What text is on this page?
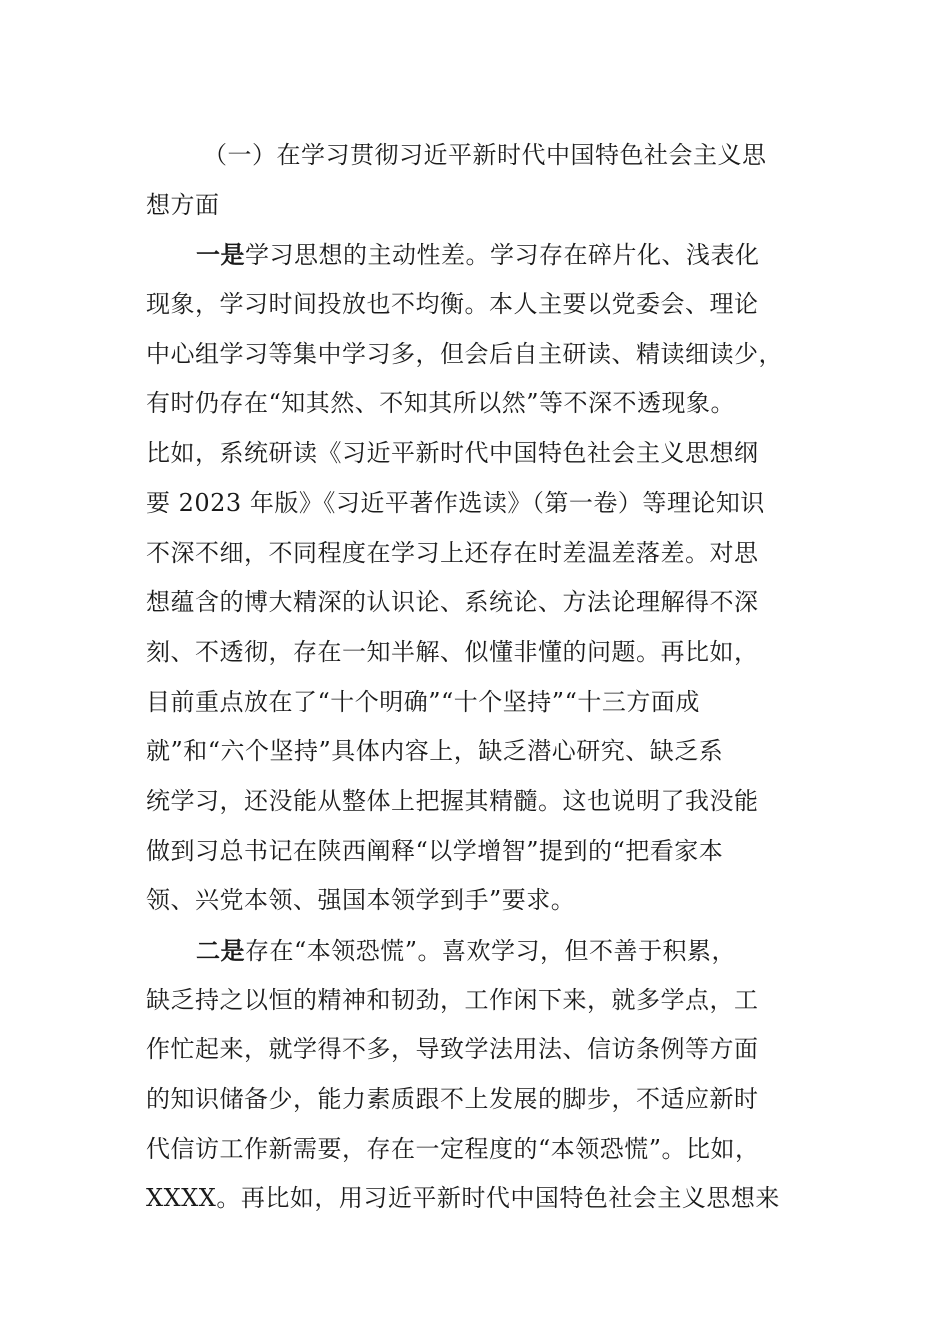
（一）在学习贯彻习近平新时代中国特色社会主义思
想方面
一是学习思想的主动性差。学习存在碎片化、浅表化
现象，学习时间投放也不均衡。本人主要以党委会、理论
中心组学习等集中学习多，但会后自主研读、精读细读少，
有时仍存在“知其然、不知其所以然”等不深不透现象。
比如，系统研读《习近平新时代中国特色社会主义思想纲
要 2023 年版》《习近平著作选读》（第一卷）等理论知识
不深不细，不同程度在学习上还存在时差温差落差。对思
想蕴含的博大精深的认识论、系统论、方法论理解得不深
刻、不透彻，存在一知半解、似懂非懂的问题。再比如，
目前重点放在了“十个明确”“十个坚持”“十三方面成
就”和“六个坚持”具体内容上，缺乏潜心研究、缺乏系
统学习，还没能从整体上把握其精髓。这也说明了我没能
做到习总书记在陕西阐释“以学增智”提到的“把看家本
领、兴党本领、强国本领学到手”要求。
二是存在“本领恐慌”。喜欢学习，但不善于积累，
缺乏持之以恒的精神和韧劲，工作闲下来，就多学点，工
作忙起来，就学得不多，导致学法用法、信访条例等方面
的知识储备少，能力素质跟不上发展的脚步，不适应新时
代信访工作新需要，存在一定程度的“本领恐慌”。比如，
XXXX。再比如，用习近平新时代中国特色社会主义思想来
